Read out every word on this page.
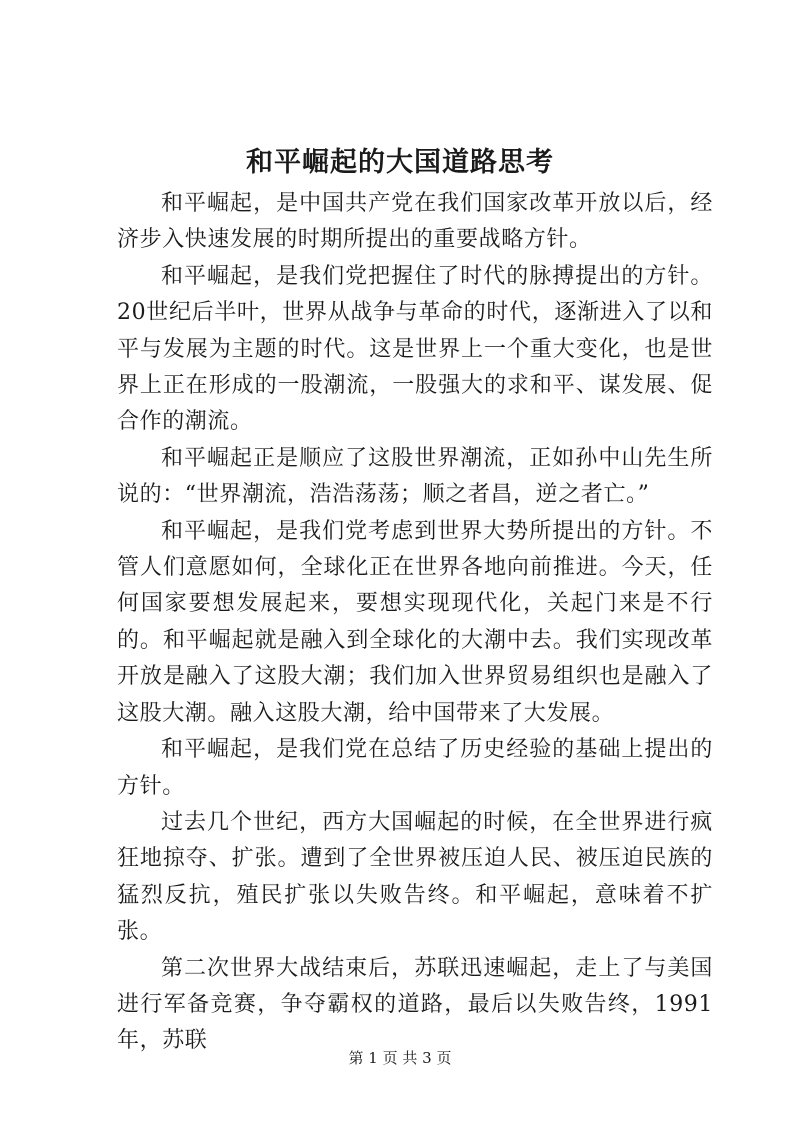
和平崛起的大国道路思考

和平崛起，是中国共产党在我们国家改革开放以后，经济步入快速发展的时期所提出的重要战略方针。

和平崛起，是我们党把握住了时代的脉搏提出的方针。20世纪后半叶，世界从战争与革命的时代，逐渐进入了以和平与发展为主题的时代。这是世界上一个重大变化，也是世界上正在形成的一股潮流，一股强大的求和平、谋发展、促合作的潮流。

和平崛起正是顺应了这股世界潮流，正如孙中山先生所说的：“世界潮流，浩浩荡荡；顺之者昌，逆之者亡。”

和平崛起，是我们党考虑到世界大势所提出的方针。不管人们意愿如何，全球化正在世界各地向前推进。今天，任何国家要想发展起来，要想实现现代化，关起门来是不行的。和平崛起就是融入到全球化的大潮中去。我们实现改革开放是融入了这股大潮；我们加入世界贸易组织也是融入了这股大潮。融入这股大潮，给中国带来了大发展。

和平崛起，是我们党在总结了历史经验的基础上提出的方针。

过去几个世纪，西方大国崛起的时候，在全世界进行疯狂地掠夺、扩张。遭到了全世界被压迫人民、被压迫民族的猛烈反抗，殖民扩张以失败告终。和平崛起，意味着不扩张。

第二次世界大战结束后，苏联迅速崛起，走上了与美国进行军备竞赛，争夺霸权的道路，最后以失败告终，1991年，苏联

第 1 页 共 3 页
